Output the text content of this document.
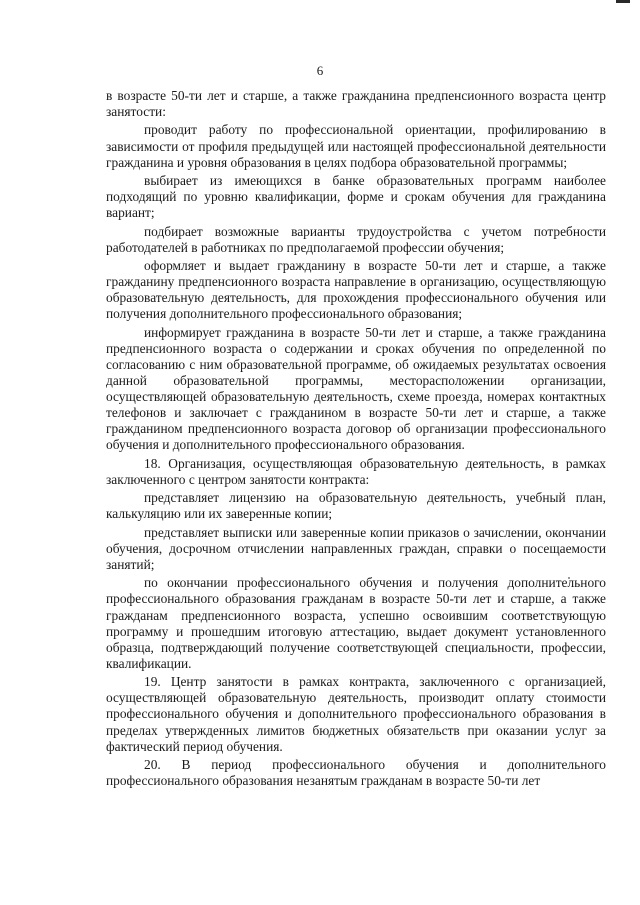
6

в возрасте 50-ти лет и старше, а также гражданина предпенсионного возраста центр занятости:

проводит работу по профессиональной ориентации, профилированию в зависимости от профиля предыдущей или настоящей профессиональной деятельности гражданина и уровня образования в целях подбора образовательной программы;

выбирает из имеющихся в банке образовательных программ наиболее подходящий по уровню квалификации, форме и срокам обучения для гражданина вариант;

подбирает возможные варианты трудоустройства с учетом потребности работодателей в работниках по предполагаемой профессии обучения;

оформляет и выдает гражданину в возрасте 50-ти лет и старше, а также гражданину предпенсионного возраста направление в организацию, осуществляющую образовательную деятельность, для прохождения профессионального обучения или получения дополнительного профессионального образования;

информирует гражданина в возрасте 50-ти лет и старше, а также гражданина предпенсионного возраста о содержании и сроках обучения по определенной по согласованию с ним образовательной программе, об ожидаемых результатах освоения данной образовательной программы, месторасположении организации, осуществляющей образовательную деятельность, схеме проезда, номерах контактных телефонов и заключает с гражданином в возрасте 50-ти лет и старше, а также гражданином предпенсионного возраста договор об организации профессионального обучения и дополнительного профессионального образования.

18. Организация, осуществляющая образовательную деятельность, в рамках заключенного с центром занятости контракта:

представляет лицензию на образовательную деятельность, учебный план, калькуляцию или их заверенные копии;

представляет выписки или заверенные копии приказов о зачислении, окончании обучения, досрочном отчислении направленных граждан, справки о посещаемости занятий;

по окончании профессионального обучения и получения дополнительного профессионального образования гражданам в возрасте 50-ти лет и старше, а также гражданам предпенсионного возраста, успешно освоившим соответствующую программу и прошедшим итоговую аттестацию, выдает документ установленного образца, подтверждающий получение соответствующей специальности, профессии, квалификации.

19. Центр занятости в рамках контракта, заключенного с организацией, осуществляющей образовательную деятельность, производит оплату стоимости профессионального обучения и дополнительного профессионального образования в пределах утвержденных лимитов бюджетных обязательств при оказании услуг за фактический период обучения.

20. В период профессионального обучения и дополнительного профессионального образования незанятым гражданам в возрасте 50-ти лет
